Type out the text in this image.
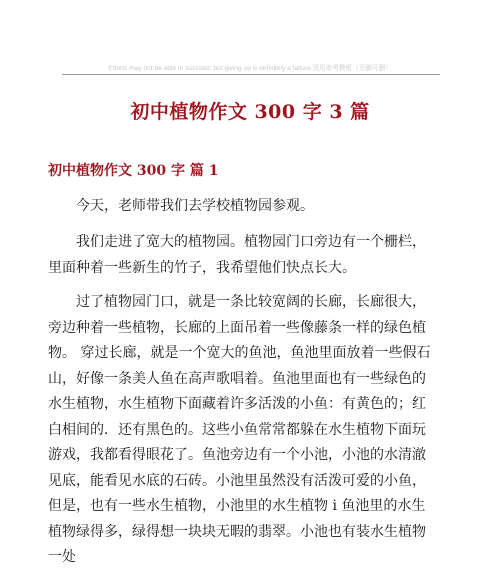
Efforts may not be able to succeed, but giving up is definitely a failure.适用参考模板（页脚可删）
初中植物作文 300 字 3 篇
初中植物作文 300 字 篇 1
　　今天，老师带我们去学校植物园参观。
　　我们走进了宽大的植物园。植物园门口旁边有一个栅栏，
里面种着一些新生的竹子，我希望他们快点长大。
　　过了植物园门口，就是一条比较宽阔的长廊，长廊很大，
旁边种着一些植物，长廊的上面吊着一些像藤条一样的绿色植
物。 穿过长廊，就是一个宽大的鱼池，鱼池里面放着一些假石
山，好像一条美人鱼在高声歌唱着。鱼池里面也有一些绿色的
水生植物，水生植物下面藏着许多活泼的小鱼：有黄色的；红
白相间的．还有黑色的。这些小鱼常常都躲在水生植物下面玩
游戏，我都看得眼花了。鱼池旁边有一个小池，小池的水清澈
见底，能看见水底的石砖。小池里虽然没有活泼可爱的小鱼，
但是，也有一些水生植物，小池里的水生植物 i 鱼池里的水生
植物绿得多，绿得想一块块无暇的翡翠。小池也有装水生植物
一处
